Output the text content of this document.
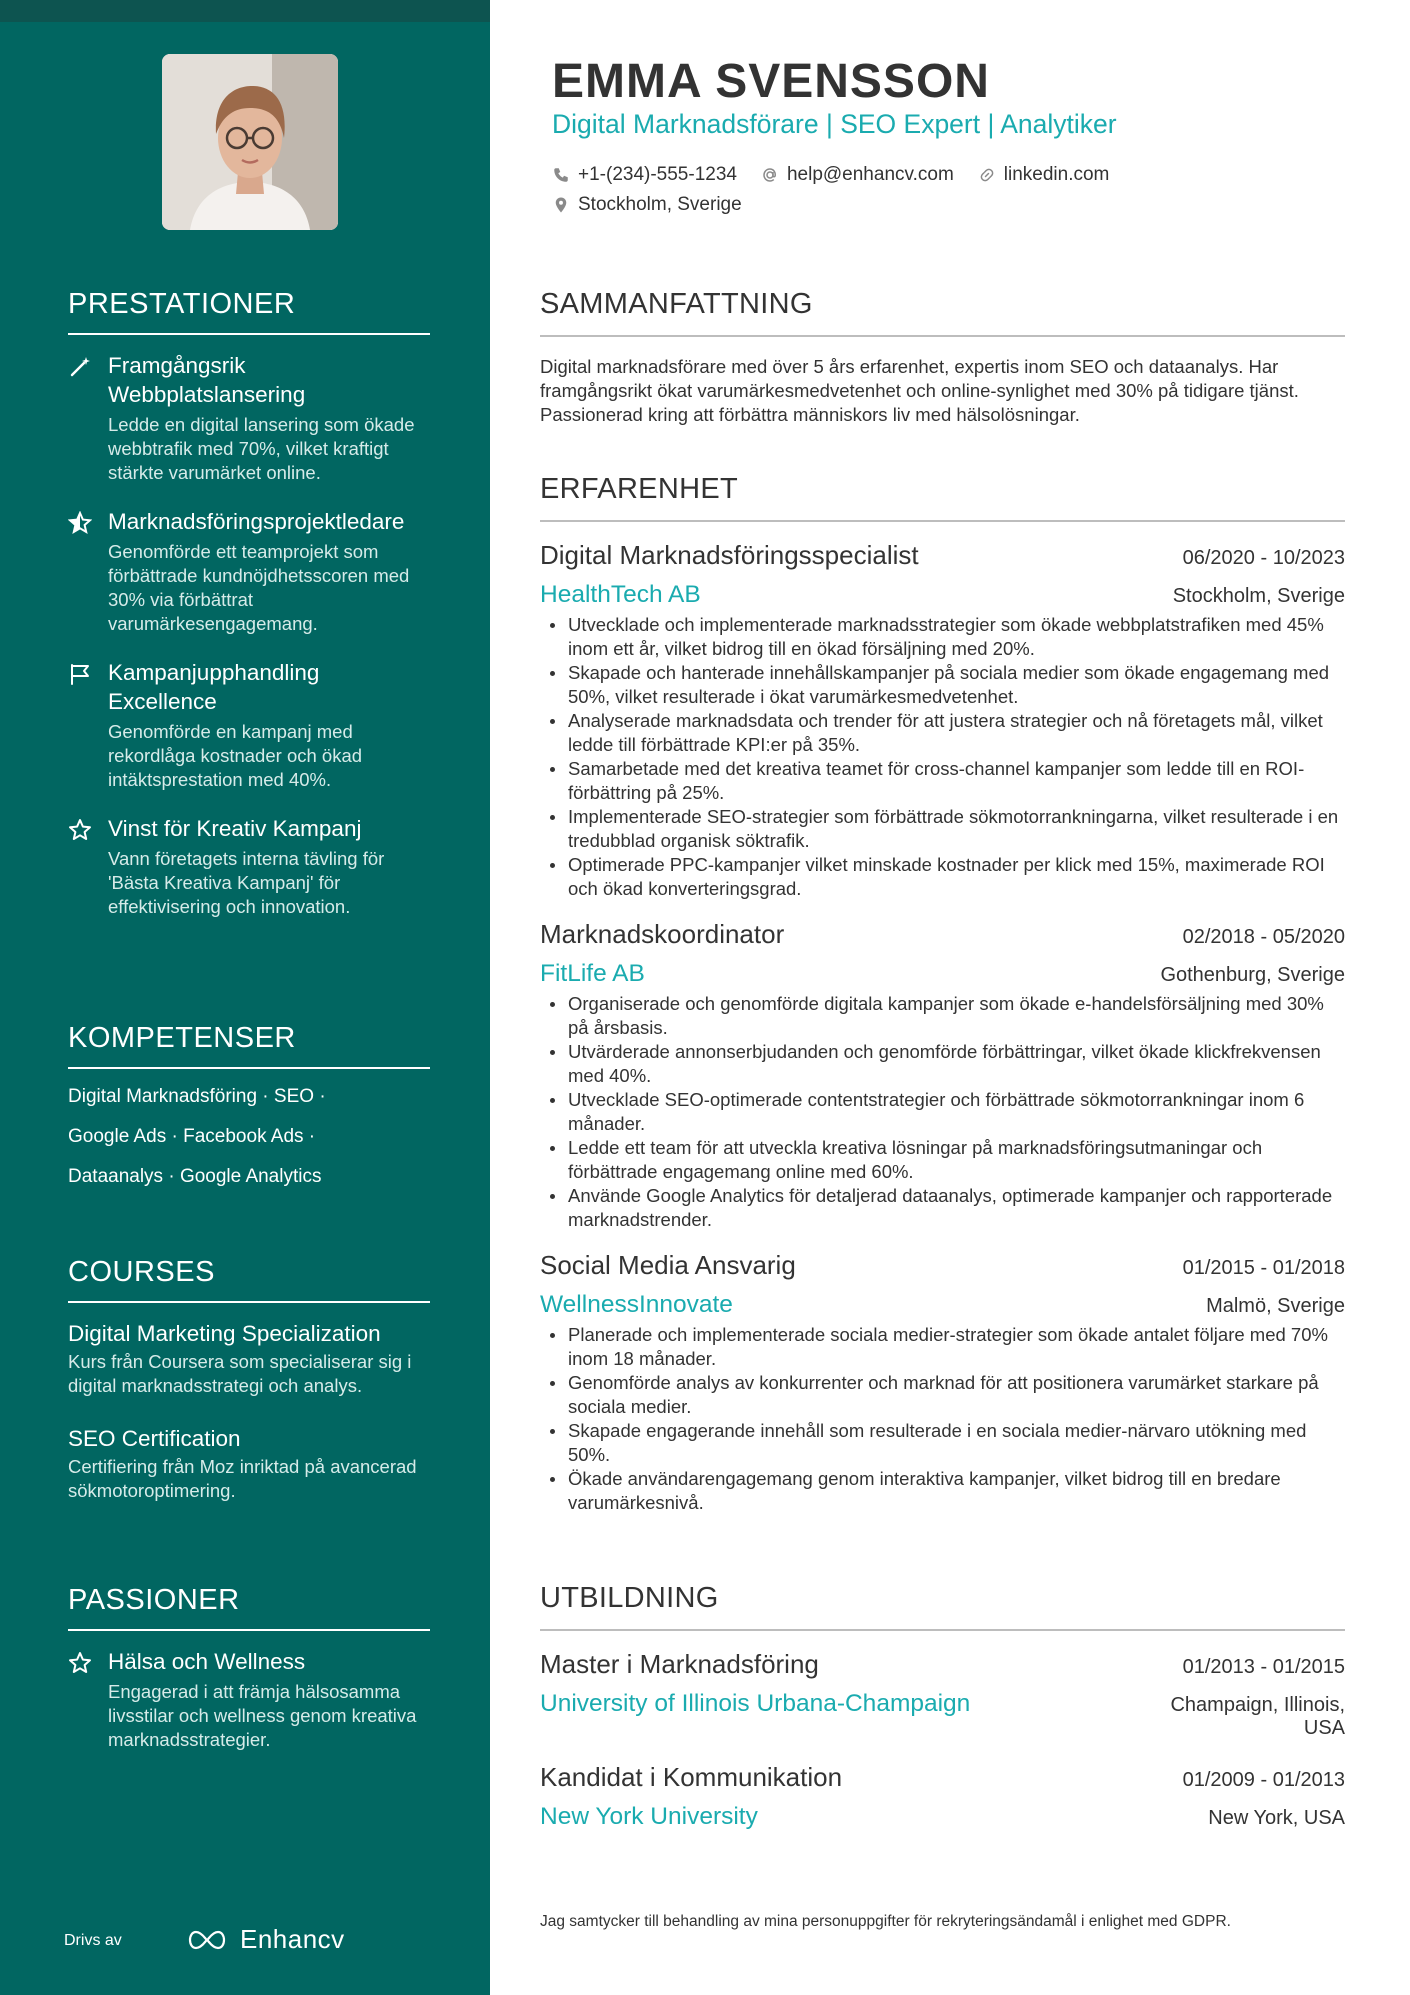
PRESTATIONER
Framgångsrik Webbplatslansering
Ledde en digital lansering som ökade webbtrafik med 70%, vilket kraftigt stärkte varumärket online.
Marknadsföringsprojektledare
Genomförde ett teamprojekt som förbättrade kundnöjdhetsscoren med 30% via förbättrat varumärkesengagemang.
Kampanjupphandling Excellence
Genomförde en kampanj med rekordlåga kostnader och ökad intäktsprestation med 40%.
Vinst för Kreativ Kampanj
Vann företagets interna tävling för 'Bästa Kreativa Kampanj' för effektivisering och innovation.
KOMPETENSER
Digital Marknadsföring · SEO ·
Google Ads · Facebook Ads ·
Dataanalys · Google Analytics
COURSES
Digital Marketing Specialization
Kurs från Coursera som specialiserar sig i digital marknadsstrategi och analys.
SEO Certification
Certifiering från Moz inriktad på avancerad sökmotoroptimering.
PASSIONER
Hälsa och Wellness
Engagerad i att främja hälsosamma livsstilar och wellness genom kreativa marknadsstrategier.
Drivs av	Enhancv
EMMA SVENSSON
Digital Marknadsförare | SEO Expert | Analytiker
+1-(234)-555-1234	help@enhancv.com	linkedin.com
Stockholm, Sverige
SAMMANFATTNING
Digital marknadsförare med över 5 års erfarenhet, expertis inom SEO och dataanalys. Har framgångsrikt ökat varumärkesmedvetenhet och online-synlighet med 30% på tidigare tjänst. Passionerad kring att förbättra människors liv med hälsolösningar.
ERFARENHET
Digital Marknadsföringsspecialist	06/2020 - 10/2023
HealthTech AB	Stockholm, Sverige
Utvecklade och implementerade marknadsstrategier som ökade webbplatstrafiken med 45% inom ett år, vilket bidrog till en ökad försäljning med 20%.
Skapade och hanterade innehållskampanjer på sociala medier som ökade engagemang med 50%, vilket resulterade i ökat varumärkesmedvetenhet.
Analyserade marknadsdata och trender för att justera strategier och nå företagets mål, vilket ledde till förbättrade KPI:er på 35%.
Samarbetade med det kreativa teamet för cross-channel kampanjer som ledde till en ROI-förbättring på 25%.
Implementerade SEO-strategier som förbättrade sökmotorrankningarna, vilket resulterade i en tredubblad organisk söktrafik.
Optimerade PPC-kampanjer vilket minskade kostnader per klick med 15%, maximerade ROI och ökad konverteringsgrad.
Marknadskoordinator	02/2018 - 05/2020
FitLife AB	Gothenburg, Sverige
Organiserade och genomförde digitala kampanjer som ökade e-handelsförsäljning med 30% på årsbasis.
Utvärderade annonserbjudanden och genomförde förbättringar, vilket ökade klickfrekvensen med 40%.
Utvecklade SEO-optimerade contentstrategier och förbättrade sökmotorrankningar inom 6 månader.
Ledde ett team för att utveckla kreativa lösningar på marknadsföringsutmaningar och förbättrade engagemang online med 60%.
Använde Google Analytics för detaljerad dataanalys, optimerade kampanjer och rapporterade marknadstrender.
Social Media Ansvarig	01/2015 - 01/2018
WellnessInnovate	Malmö, Sverige
Planerade och implementerade sociala medier-strategier som ökade antalet följare med 70% inom 18 månader.
Genomförde analys av konkurrenter och marknad för att positionera varumärket starkare på sociala medier.
Skapade engagerande innehåll som resulterade i en sociala medier-närvaro utökning med 50%.
Ökade användarengagemang genom interaktiva kampanjer, vilket bidrog till en bredare varumärkesnivå.
UTBILDNING
Master i Marknadsföring	01/2013 - 01/2015
University of Illinois Urbana-Champaign	Champaign, Illinois, USA
Kandidat i Kommunikation	01/2009 - 01/2013
New York University	New York, USA
Jag samtycker till behandling av mina personuppgifter för rekryteringsändamål i enlighet med GDPR.
